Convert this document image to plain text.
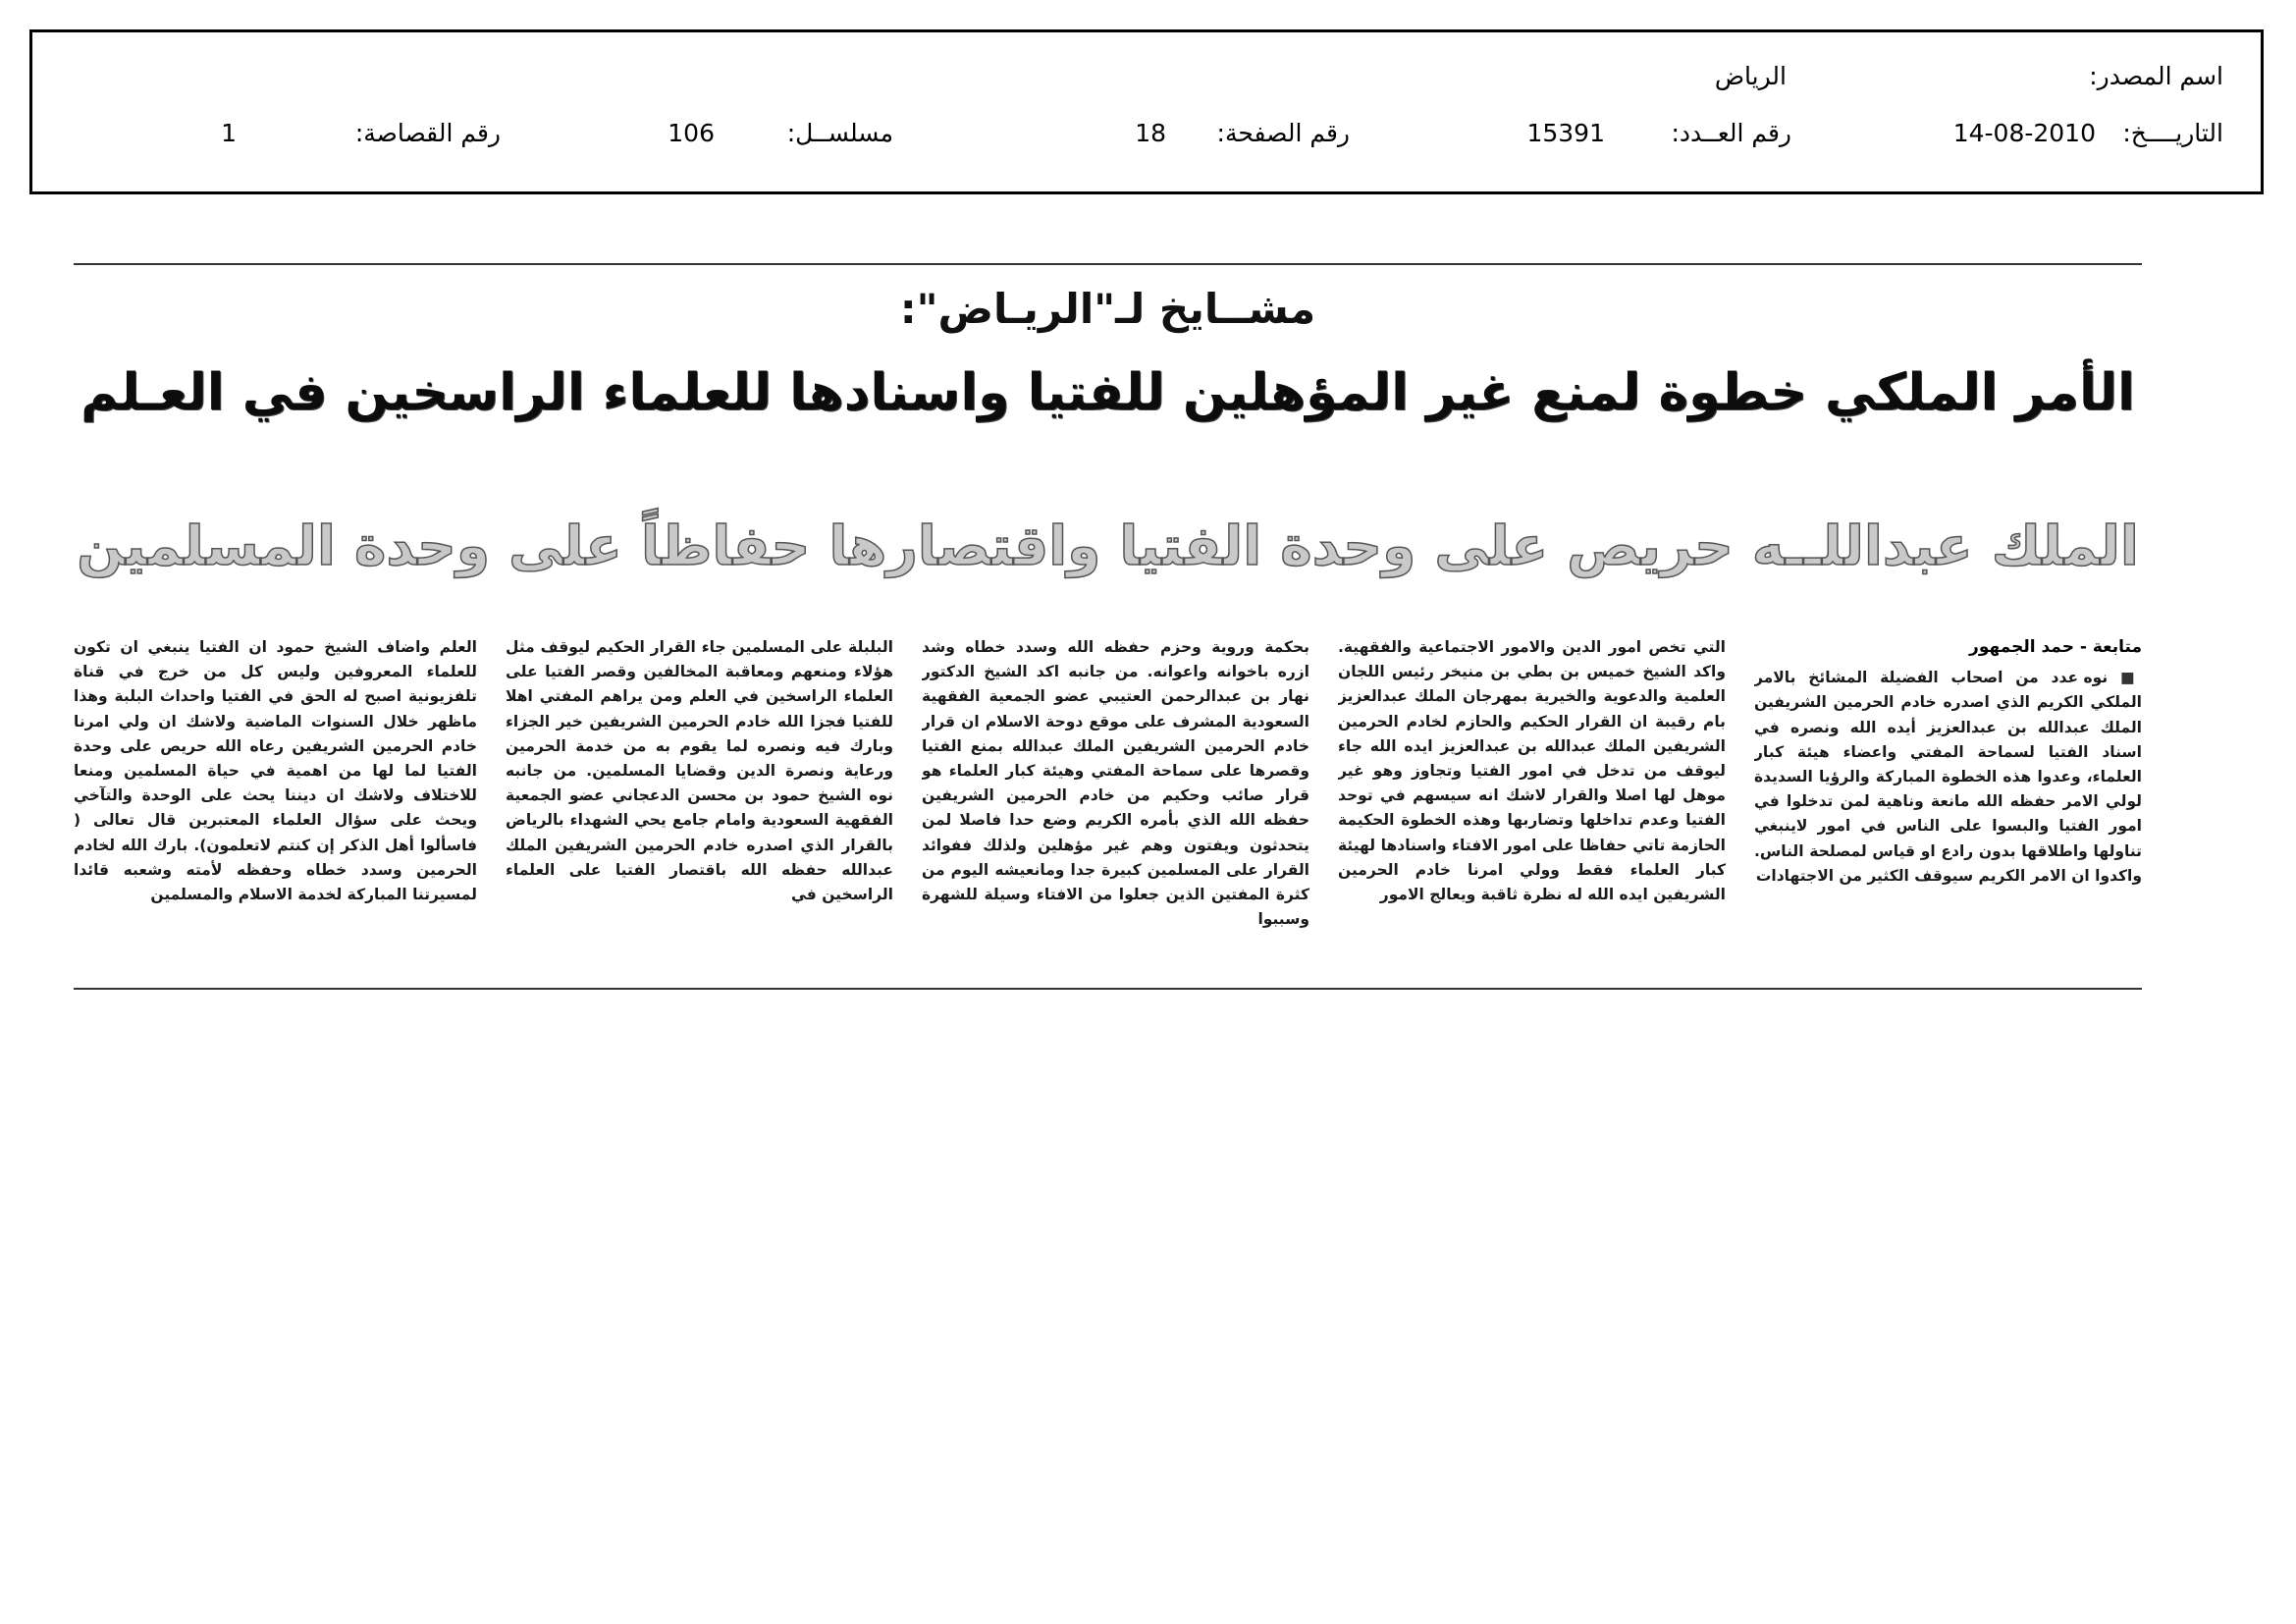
اسم المصدر:
الرياض
التاريــــخ:
14-08-2010
رقم العــدد:
15391
رقم الصفحة:
18
مسلســل:
106
رقم القصاصة:
1
مشــايخ لـ"الريـاض":
الأمر الملكي خطوة لمنع غير المؤهلين للفتيا واسنادها للعلماء الراسخين في العـلم
الملك عبداللــه حريص على وحدة الفتيا واقتصارها حفاظاً على وحدة المسلمين

متابعة - حمد الجمهور

■ نوه عدد من اصحاب الفضيلة المشائخ بالامر الملكي الكريم الذي اصدره خادم الحرمين الشريفين الملك عبدالله بن عبدالعزيز أيده الله ونصره في اسناد الفتيا لسماحة المفتي واعضاء هيئة كبار العلماء، وعدوا هذه الخطوة المباركة والرؤيا السديدة لولي الامر حفظه الله مانعة وناهية لمن تدخلوا في امور الفتيا والبسوا على الناس في امور لاينبغي تناولها واطلاقها بدون رادع او قياس لمصلحة الناس. واكدوا ان الامر الكريم سيوقف الكثير من الاجتهادات

التي تخص امور الدين والامور الاجتماعية والفقهية. واكد الشيخ خميس بن بطي بن منيخر رئيس اللجان العلمية والدعوية والخيرية بمهرجان الملك عبدالعزيز بام رقيبة ان القرار الحكيم والحازم لخادم الحرمين الشريفين الملك عبدالله بن عبدالعزيز ايده الله جاء ليوقف من تدخل في امور الفتيا وتجاوز وهو غير موهل لها اصلا والقرار لاشك انه سيسهم في توحد الفتيا وعدم تداخلها وتضاربها وهذه الخطوة الحكيمة الحازمة تاتي حفاظا على امور الافتاء واسنادها لهيئة كبار العلماء فقط وولي امرنا خادم الحرمين الشريفين ايده الله له نظرة ثاقبة ويعالج الامور

بحكمة وروية وحزم حفظه الله وسدد خطاه وشد ازره باخوانه واعوانه. من جانبه اكد الشيخ الدكتور نهار بن عبدالرحمن العتيبي عضو الجمعية الفقهية السعودية المشرف على موقع دوحة الاسلام ان قرار خادم الحرمين الشريفين الملك عبدالله بمنع الفتيا وقصرها على سماحة المفتي وهيئة كبار العلماء هو قرار صائب وحكيم من خادم الحرمين الشريفين حفظه الله الذي بأمره الكريم وضع حدا فاصلا لمن يتحدثون ويفتون وهم غير مؤهلين ولذلك ففوائد القرار على المسلمين كبيرة جدا ومانعيشه اليوم من كثرة المفتين الذين جعلوا من الافتاء وسيلة للشهرة وسببوا

البلبلة على المسلمين جاء القرار الحكيم ليوقف مثل هؤلاء ومنعهم ومعاقبة المخالفين وقصر الفتيا على العلماء الراسخين في العلم ومن يراهم المفتي اهلا للفتيا فجزا الله خادم الحرمين الشريفين خير الجزاء وبارك فيه ونصره لما يقوم به من خدمة الحرمين ورعاية ونصرة الدين وقضايا المسلمين. من جانبه نوه الشيخ حمود بن محسن الدعجاني عضو الجمعية الفقهية السعودية وامام جامع يحي الشهداء بالرياض بالقرار الذي اصدره خادم الحرمين الشريفين الملك عبدالله حفظه الله باقتصار الفتيا على العلماء الراسخين في

العلم واضاف الشيخ حمود ان الفتيا ينبغي ان تكون للعلماء المعروفين وليس كل من خرج في قناة تلفزيونية اصبح له الحق في الفتيا واحداث البلبة وهذا ماظهر خلال السنوات الماضية ولاشك ان ولي امرنا خادم الحرمين الشريفين رعاه الله حريص على وحدة الفتيا لما لها من اهمية في حياة المسلمين ومنعا للاختلاف ولاشك ان ديننا يحث على الوحدة والتآخي ويحث على سؤال العلماء المعتبرين قال تعالى ( فاسألوا أهل الذكر إن كنتم لاتعلمون). بارك الله لخادم الحرمين وسدد خطاه وحفظه لأمته وشعبه قائدا لمسيرتنا المباركة لخدمة الاسلام والمسلمين
